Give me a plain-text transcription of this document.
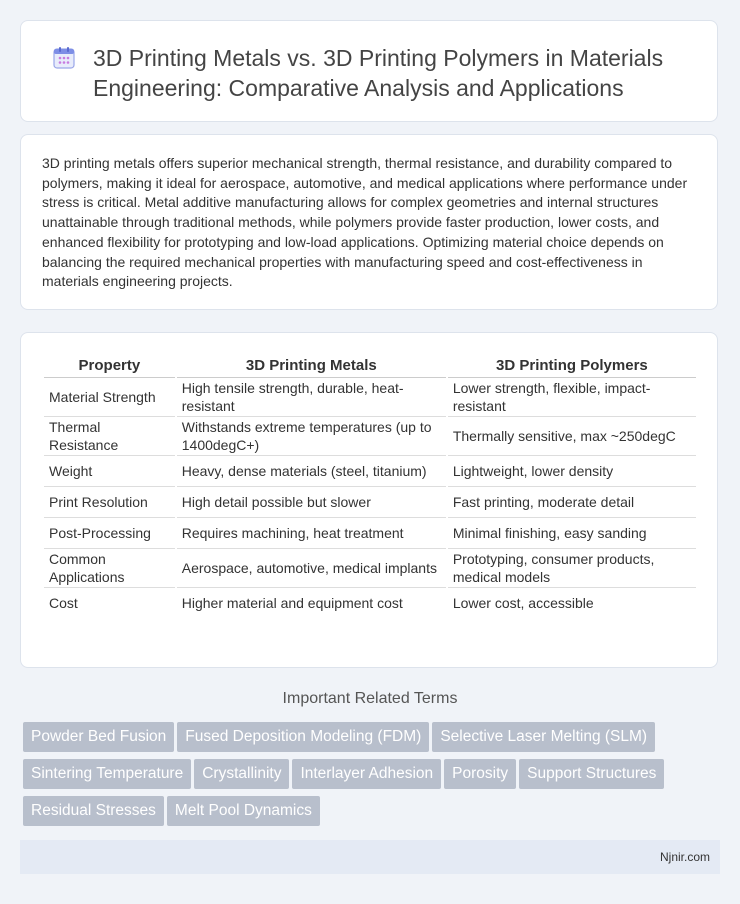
3D Printing Metals vs. 3D Printing Polymers in Materials Engineering: Comparative Analysis and Applications

3D printing metals offers superior mechanical strength, thermal resistance, and durability compared to polymers, making it ideal for aerospace, automotive, and medical applications where performance under stress is critical. Metal additive manufacturing allows for complex geometries and internal structures unattainable through traditional methods, while polymers provide faster production, lower costs, and enhanced flexibility for prototyping and low-load applications. Optimizing material choice depends on balancing the required mechanical properties with manufacturing speed and cost-effectiveness in materials engineering projects.

Property	3D Printing Metals	3D Printing Polymers
Material Strength	High tensile strength, durable, heat-resistant	Lower strength, flexible, impact-resistant
Thermal Resistance	Withstands extreme temperatures (up to 1400degC+)	Thermally sensitive, max ~250degC
Weight	Heavy, dense materials (steel, titanium)	Lightweight, lower density
Print Resolution	High detail possible but slower	Fast printing, moderate detail
Post-Processing	Requires machining, heat treatment	Minimal finishing, easy sanding
Common Applications	Aerospace, automotive, medical implants	Prototyping, consumer products, medical models
Cost	Higher material and equipment cost	Lower cost, accessible
Important Related Terms
Powder Bed Fusion Fused Deposition Modeling (FDM) Selective Laser Melting (SLM)
Sintering Temperature Crystallinity Interlayer Adhesion Porosity Support Structures
Residual Stresses Melt Pool Dynamics
Njnir.com
